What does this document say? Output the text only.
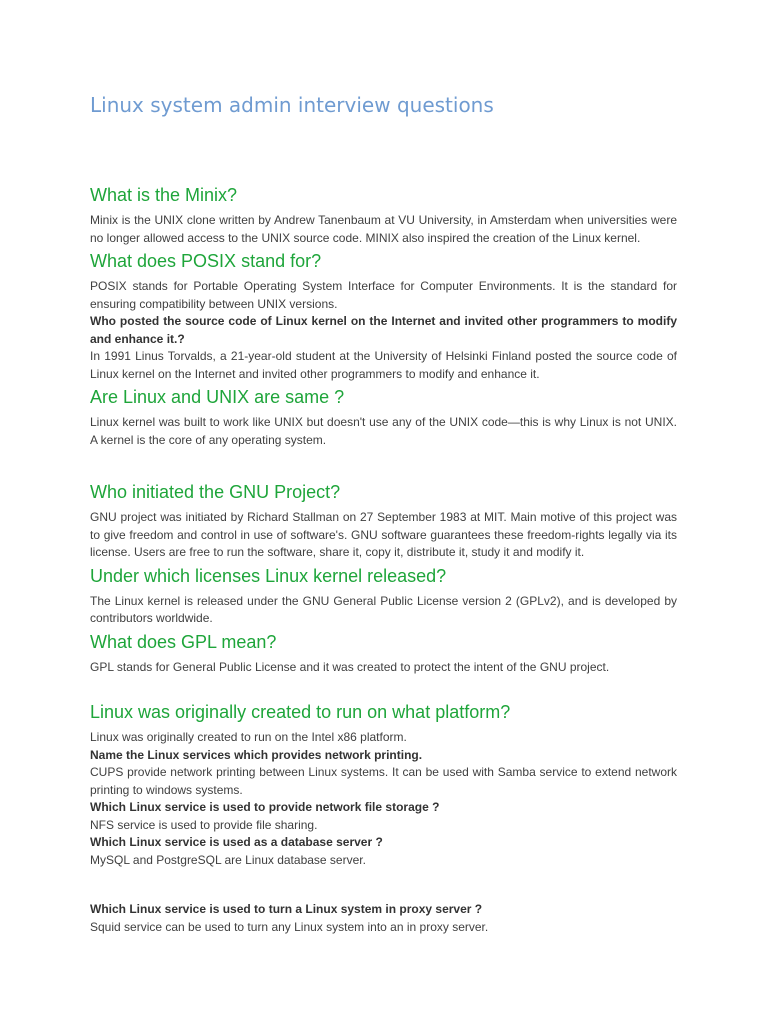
Linux system admin interview questions
What is the Minix?

Minix is the UNIX clone written by Andrew Tanenbaum at VU University, in Amsterdam when universities were no longer allowed access to the UNIX source code. MINIX also inspired the creation of the Linux kernel.

What does POSIX stand for?

POSIX stands for Portable Operating System Interface for Computer Environments. It is the standard for ensuring compatibility between UNIX versions.

Who posted the source code of Linux kernel on the Internet and invited other programmers to modify and enhance it.?

In 1991 Linus Torvalds, a 21-year-old student at the University of Helsinki Finland posted the source code of Linux kernel on the Internet and invited other programmers to modify and enhance it.

Are Linux and UNIX are same ?

Linux kernel was built to work like UNIX but doesn't use any of the UNIX code—this is why Linux is not UNIX. A kernel is the core of any operating system.

Who initiated the GNU Project?

GNU project was initiated by Richard Stallman on 27 September 1983 at MIT. Main motive of this project was to give freedom and control in use of software's. GNU software guarantees these freedom-rights legally via its license. Users are free to run the software, share it, copy it, distribute it, study it and modify it.

Under which licenses Linux kernel released?

The Linux kernel is released under the GNU General Public License version 2 (GPLv2), and is developed by contributors worldwide.

What does GPL mean?

GPL stands for General Public License and it was created to protect the intent of the GNU project.

Linux was originally created to run on what platform?

Linux was originally created to run on the Intel x86 platform.

Name the Linux services which provides network printing.

CUPS provide network printing between Linux systems. It can be used with Samba service to extend network printing to windows systems.

Which Linux service is used to provide network file storage ?

NFS service is used to provide file sharing.

Which Linux service is used as a database server ?

MySQL and PostgreSQL are Linux database server.

Which Linux service is used to turn a Linux system in proxy server ?

Squid service can be used to turn any Linux system into an in proxy server.
